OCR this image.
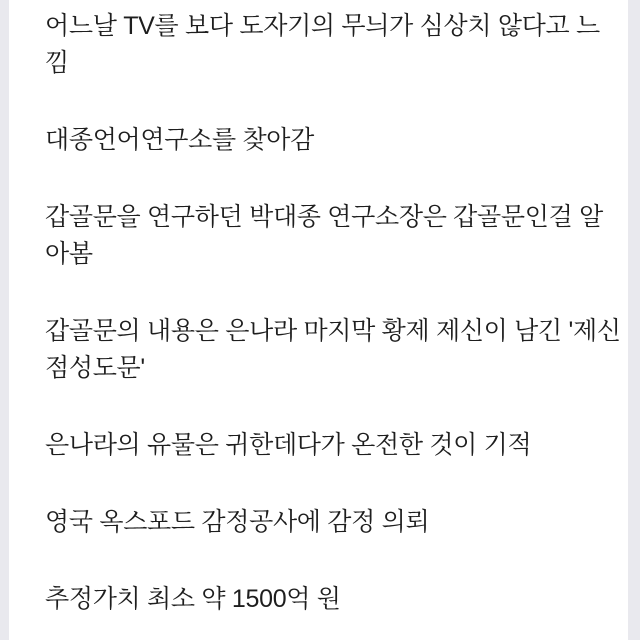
어느날 TV를 보다 도자기의 무늬가 심상치 않다고 느
낌
대종언어연구소를 찾아감
갑골문을 연구하던 박대종 연구소장은 갑골문인걸 알
아봄
갑골문의 내용은 은나라 마지막 황제 제신이 남긴 '제신
점성도문'
은나라의 유물은 귀한데다가 온전한 것이 기적
영국 옥스포드 감정공사에 감정 의뢰
추정가치 최소 약 1500억 원
